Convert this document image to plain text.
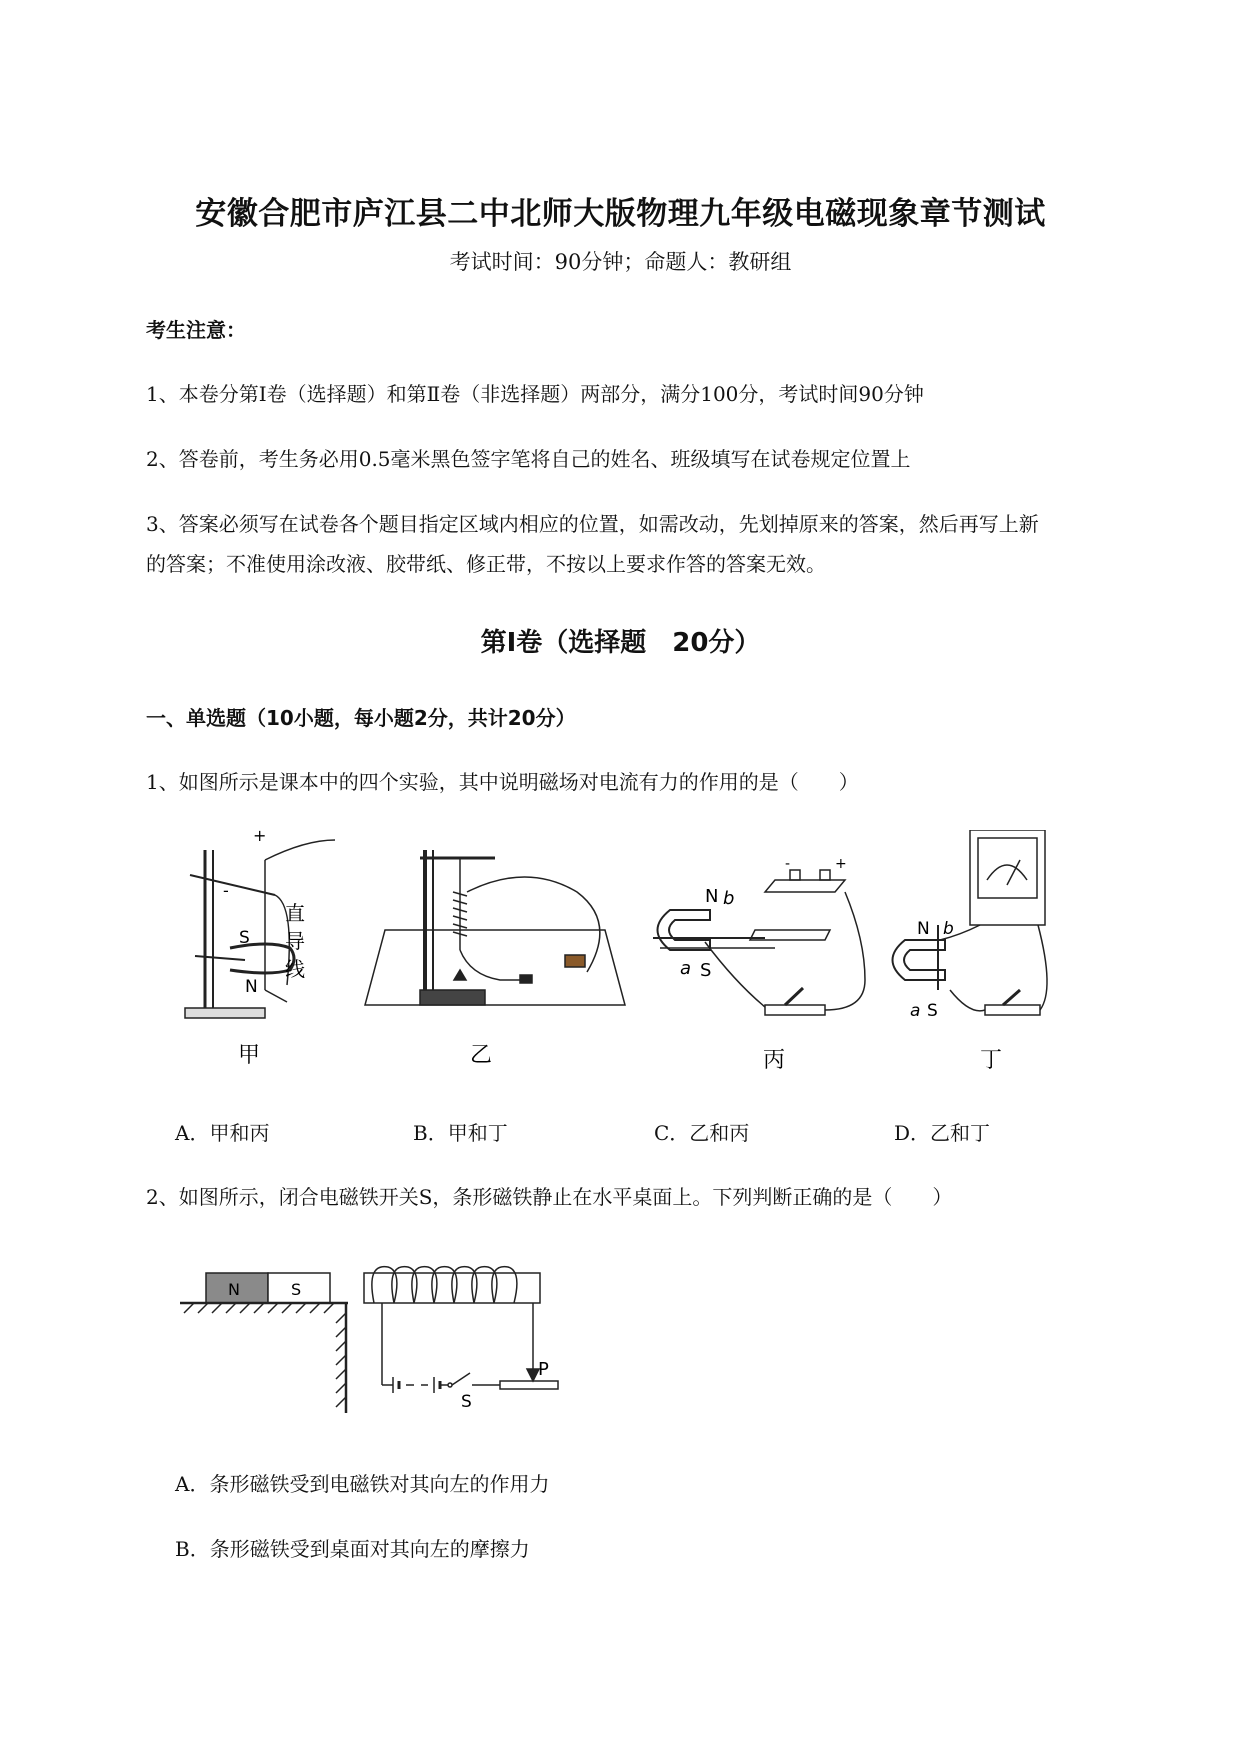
安徽合肥市庐江县二中北师大版物理九年级电磁现象章节测试
考试时间：90分钟；命题人：教研组
考生注意：
1、本卷分第I卷（选择题）和第Ⅱ卷（非选择题）两部分，满分100分，考试时间90分钟
2、答卷前，考生务必用0.5毫米黑色签字笔将自己的姓名、班级填写在试卷规定位置上
3、答案必须写在试卷各个题目指定区域内相应的位置，如需改动，先划掉原来的答案，然后再写上新
的答案；不准使用涂改液、胶带纸、修正带，不按以上要求作答的答案无效。
第I卷（选择题　20分）
一、单选题（10小题，每小题2分，共计20分）
1、如图所示是课本中的四个实验，其中说明磁场对电流有力的作用的是（　　）
+
-
S
N
直
导
线
N b
a S
-	+
N b
a S
甲	乙	丙	丁
A．甲和丙	B．甲和丁	C．乙和丙	D．乙和丁
2、如图所示，闭合电磁铁开关S，条形磁铁静止在水平桌面上。下列判断正确的是（　　）
N	S
P
S
A．条形磁铁受到电磁铁对其向左的作用力
B．条形磁铁受到桌面对其向左的摩擦力
